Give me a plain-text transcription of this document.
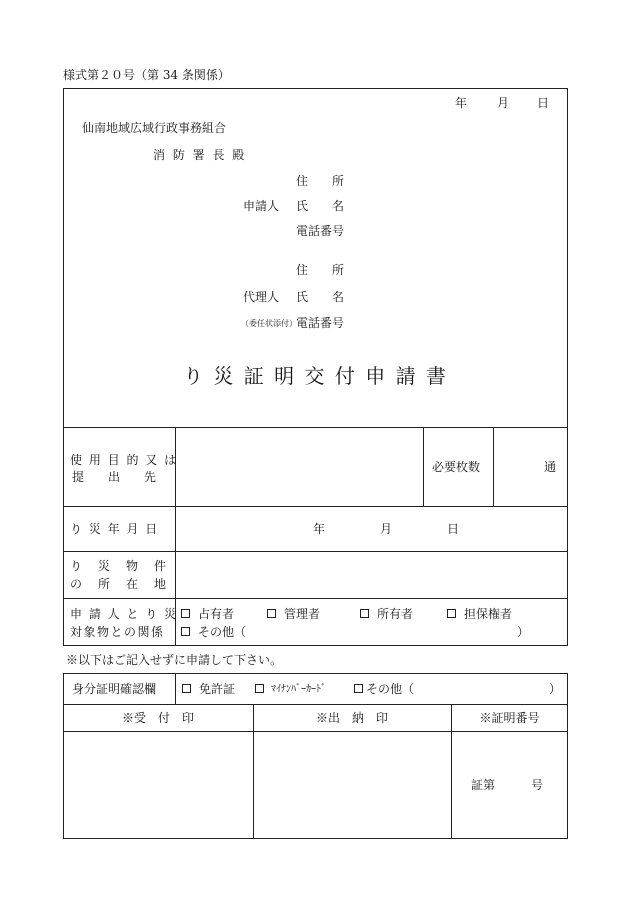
様式第２０号（第 34 条関係）
年 月 日
仙南地域広域行政事務組合
消 防 署 長 殿
住　　所
申請人 氏　　名
電話番号
住　　所
代理人 氏　　名
（委任状添付） 電話番号
り 災 証 明 交 付 申 請 書
使 用 目 的 又 は
提　　出　　先
必要枚数	通
り 災 年 月 日	年	月	日
り　災　物　件
の　所　在　地
申 請 人 と り 災
対象物との関係
占有者	管理者	所有者	担保権者
その他（	）
※以下はご記入せずに申請して下さい。
身分証明確認欄	免許証	ﾏｲﾅﾝﾊﾞｰｶｰﾄﾞ	その他（	）
※受　付　印	※出　納　印	※証明番号
証第　　　号
